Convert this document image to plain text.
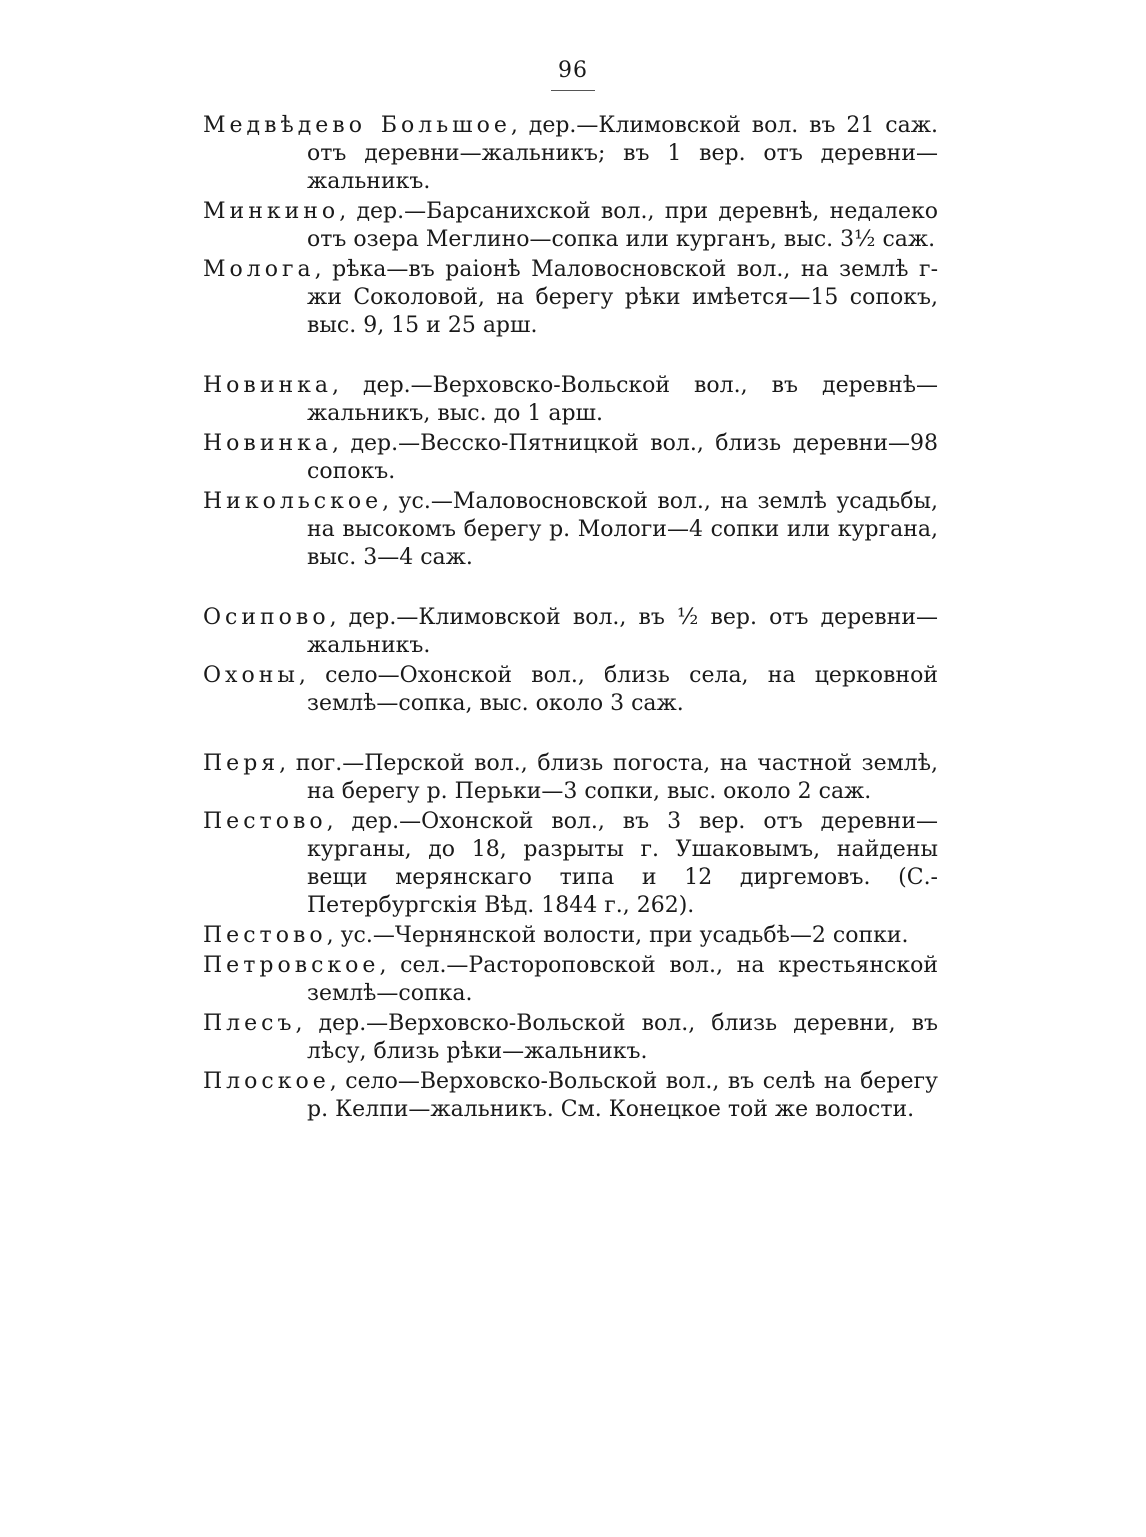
96

Медвѣдево Большое, дер.—Климовской вол. въ 21 саж. отъ деревни—жальникъ; въ 1 вер. отъ деревни—жальникъ.

Минкино, дер.—Барсанихской вол., при деревнѣ, недалеко отъ озера Меглино—сопка или курганъ, выс. 3½ саж.

Молога, рѣка—въ раіонѣ Маловосновской вол., на землѣ г-жи Соколовой, на берегу рѣки имѣется—15 сопокъ, выс. 9, 15 и 25 арш.

Новинка, дер.—Верховско-Вольской вол., въ деревнѣ—жальникъ, выс. до 1 арш.

Новинка, дер.—Весско-Пятницкой вол., близь деревни—98 сопокъ.

Никольское, ус.—Маловосновской вол., на землѣ усадьбы, на высокомъ берегу р. Мологи—4 сопки или кургана, выс. 3—4 саж.

Осипово, дер.—Климовской вол., въ ½ вер. отъ деревни—жальникъ.

Охоны, село—Охонской вол., близь села, на церковной землѣ—сопка, выс. около 3 саж.

Перя, пог.—Перской вол., близь погоста, на частной землѣ, на берегу р. Перьки—3 сопки, выс. около 2 саж.

Пестово, дер.—Охонской вол., въ 3 вер. отъ деревни—курганы, до 18, разрыты г. Ушаковымъ, найдены вещи мерянскаго типа и 12 диргемовъ. (С.-Петербургскія Вѣд. 1844 г., 262).

Пестово, ус.—Чернянской волости, при усадьбѣ—2 сопки.

Петровское, сел.—Растороповской вол., на крестьянской землѣ—сопка.

Плесъ, дер.—Верховско-Вольской вол., близь деревни, въ лѣсу, близь рѣки—жальникъ.

Плоское, село—Верховско-Вольской вол., въ селѣ на берегу р. Келпи—жальникъ. См. Конецкое той же волости.
